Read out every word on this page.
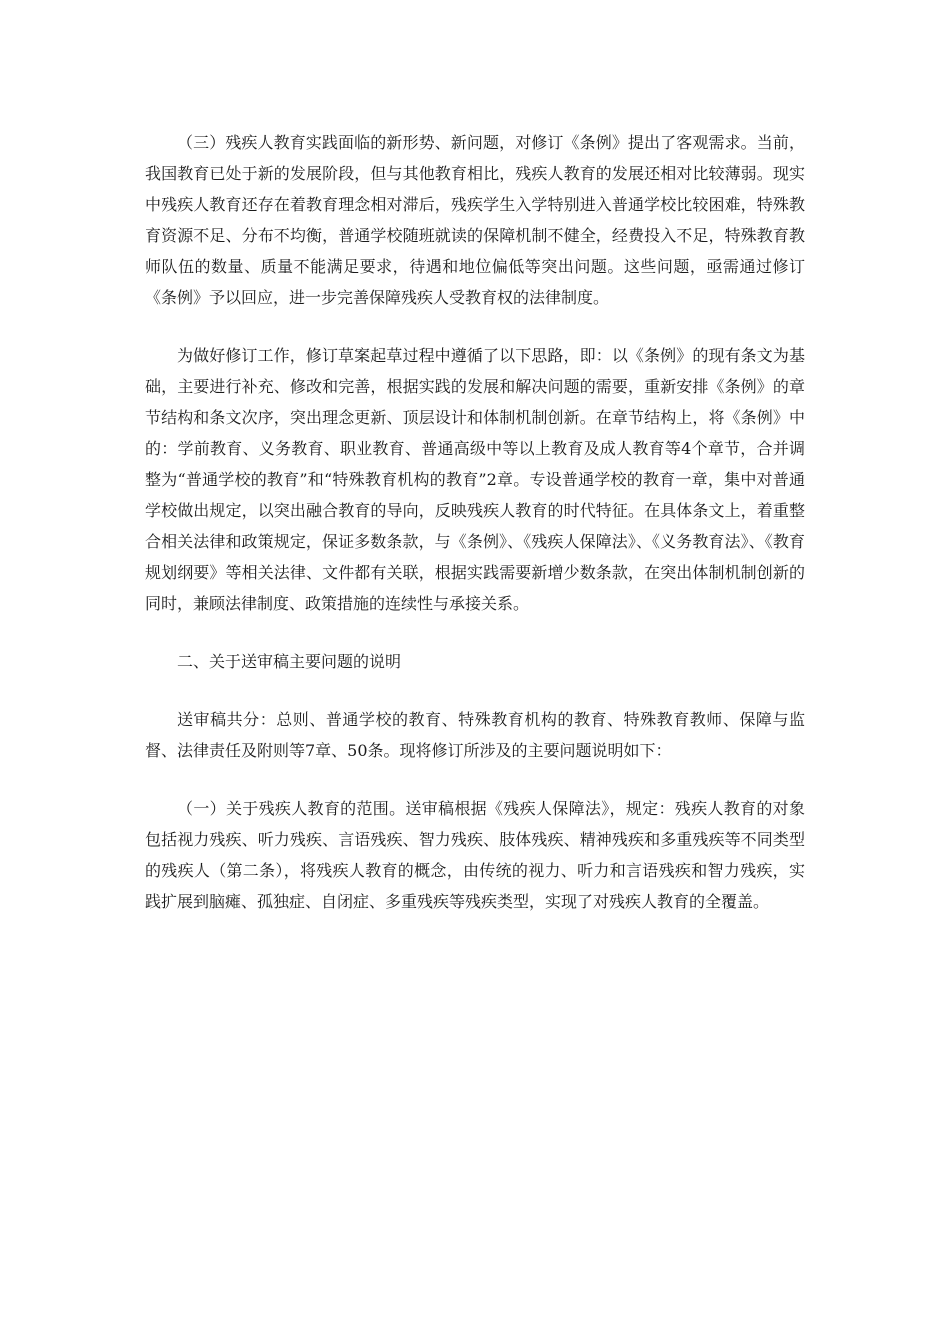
（三）残疾人教育实践面临的新形势、新问题，对修订《条例》提出了客观需求。当前，我国教育已处于新的发展阶段，但与其他教育相比，残疾人教育的发展还相对比较薄弱。现实中残疾人教育还存在着教育理念相对滞后，残疾学生入学特别进入普通学校比较困难，特殊教育资源不足、分布不均衡，普通学校随班就读的保障机制不健全，经费投入不足，特殊教育教师队伍的数量、质量不能满足要求，待遇和地位偏低等突出问题。这些问题，亟需通过修订《条例》予以回应，进一步完善保障残疾人受教育权的法律制度。

为做好修订工作，修订草案起草过程中遵循了以下思路，即：以《条例》的现有条文为基础，主要进行补充、修改和完善，根据实践的发展和解决问题的需要，重新安排《条例》的章节结构和条文次序，突出理念更新、顶层设计和体制机制创新。在章节结构上，将《条例》中的：学前教育、义务教育、职业教育、普通高级中等以上教育及成人教育等4个章节，合并调整为“普通学校的教育”和“特殊教育机构的教育”2章。专设普通学校的教育一章，集中对普通学校做出规定，以突出融合教育的导向，反映残疾人教育的时代特征。在具体条文上，着重整合相关法律和政策规定，保证多数条款，与《条例》、《残疾人保障法》、《义务教育法》、《教育规划纲要》等相关法律、文件都有关联，根据实践需要新增少数条款，在突出体制机制创新的同时，兼顾法律制度、政策措施的连续性与承接关系。

二、关于送审稿主要问题的说明

送审稿共分：总则、普通学校的教育、特殊教育机构的教育、特殊教育教师、保障与监督、法律责任及附则等7章、50条。现将修订所涉及的主要问题说明如下：

（一）关于残疾人教育的范围。送审稿根据《残疾人保障法》，规定：残疾人教育的对象包括视力残疾、听力残疾、言语残疾、智力残疾、肢体残疾、精神残疾和多重残疾等不同类型的残疾人（第二条），将残疾人教育的概念，由传统的视力、听力和言语残疾和智力残疾，实践扩展到脑瘫、孤独症、自闭症、多重残疾等残疾类型，实现了对残疾人教育的全覆盖。
